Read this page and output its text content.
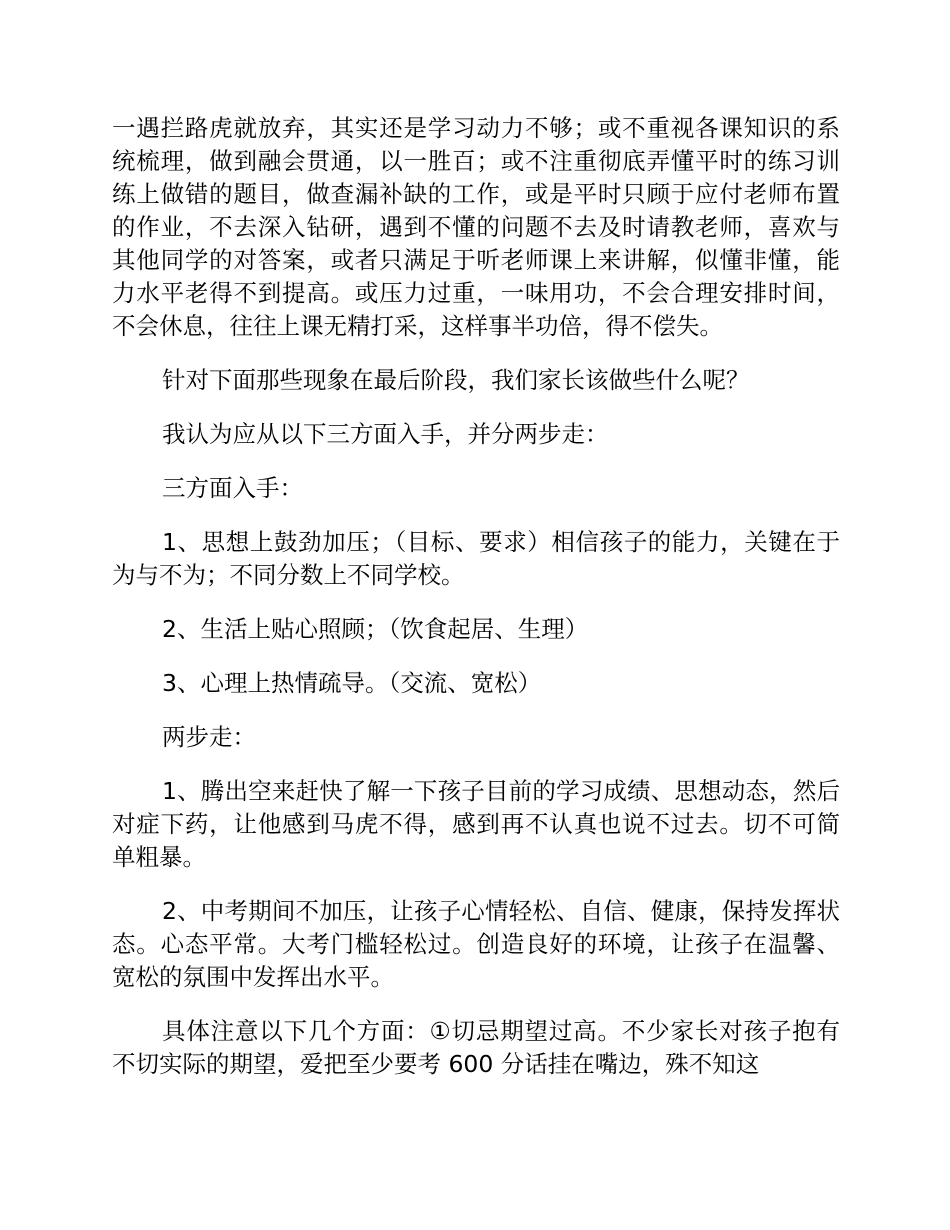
一遇拦路虎就放弃，其实还是学习动力不够；或不重视各课知识的系统梳理，做到融会贯通，以一胜百；或不注重彻底弄懂平时的练习训练上做错的题目，做查漏补缺的工作，或是平时只顾于应付老师布置的作业，不去深入钻研，遇到不懂的问题不去及时请教老师，喜欢与其他同学的对答案，或者只满足于听老师课上来讲解，似懂非懂，能力水平老得不到提高。或压力过重，一味用功，不会合理安排时间，不会休息，往往上课无精打采，这样事半功倍，得不偿失。

针对下面那些现象在最后阶段，我们家长该做些什么呢？

我认为应从以下三方面入手，并分两步走：

三方面入手：

1、思想上鼓劲加压；（目标、要求）相信孩子的能力，关键在于为与不为；不同分数上不同学校。

2、生活上贴心照顾；（饮食起居、生理）

3、心理上热情疏导。（交流、宽松）

两步走：

1、腾出空来赶快了解一下孩子目前的学习成绩、思想动态，然后对症下药，让他感到马虎不得，感到再不认真也说不过去。切不可简单粗暴。

2、中考期间不加压，让孩子心情轻松、自信、健康，保持发挥状态。心态平常。大考门槛轻松过。创造良好的环境，让孩子在温馨、宽松的氛围中发挥出水平。

具体注意以下几个方面：①切忌期望过高。不少家长对孩子抱有不切实际的期望，爱把至少要考 600 分话挂在嘴边，殊不知这
